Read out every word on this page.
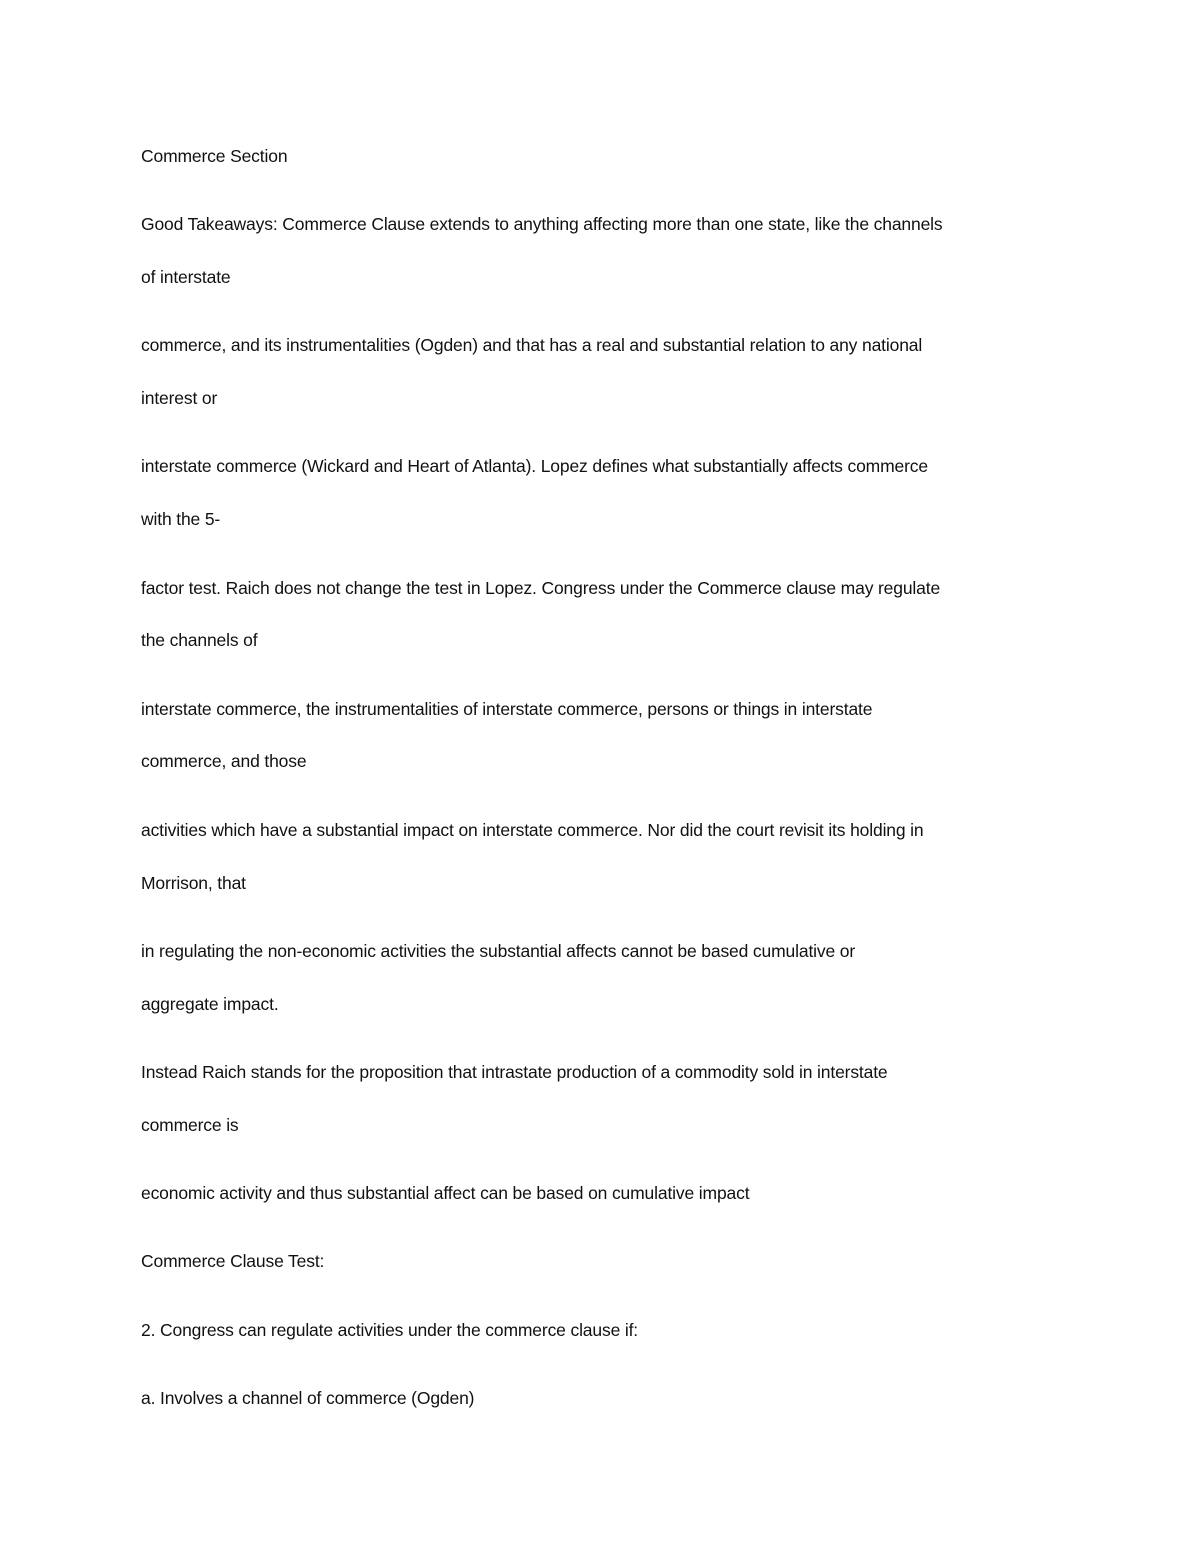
Commerce Section
Good Takeaways: Commerce Clause extends to anything affecting more than one state, like the channels
of interstate
commerce, and its instrumentalities (Ogden) and that has a real and substantial relation to any national
interest or
interstate commerce (Wickard and Heart of Atlanta). Lopez defines what substantially affects commerce
with the 5-
factor test. Raich does not change the test in Lopez. Congress under the Commerce clause may regulate
the channels of
interstate commerce, the instrumentalities of interstate commerce, persons or things in interstate
commerce, and those
activities which have a substantial impact on interstate commerce. Nor did the court revisit its holding in
Morrison, that
in regulating the non-economic activities the substantial affects cannot be based cumulative or
aggregate impact.
Instead Raich stands for the proposition that intrastate production of a commodity sold in interstate
commerce is
economic activity and thus substantial affect can be based on cumulative impact
Commerce Clause Test:
2. Congress can regulate activities under the commerce clause if:
a. Involves a channel of commerce (Ogden)
